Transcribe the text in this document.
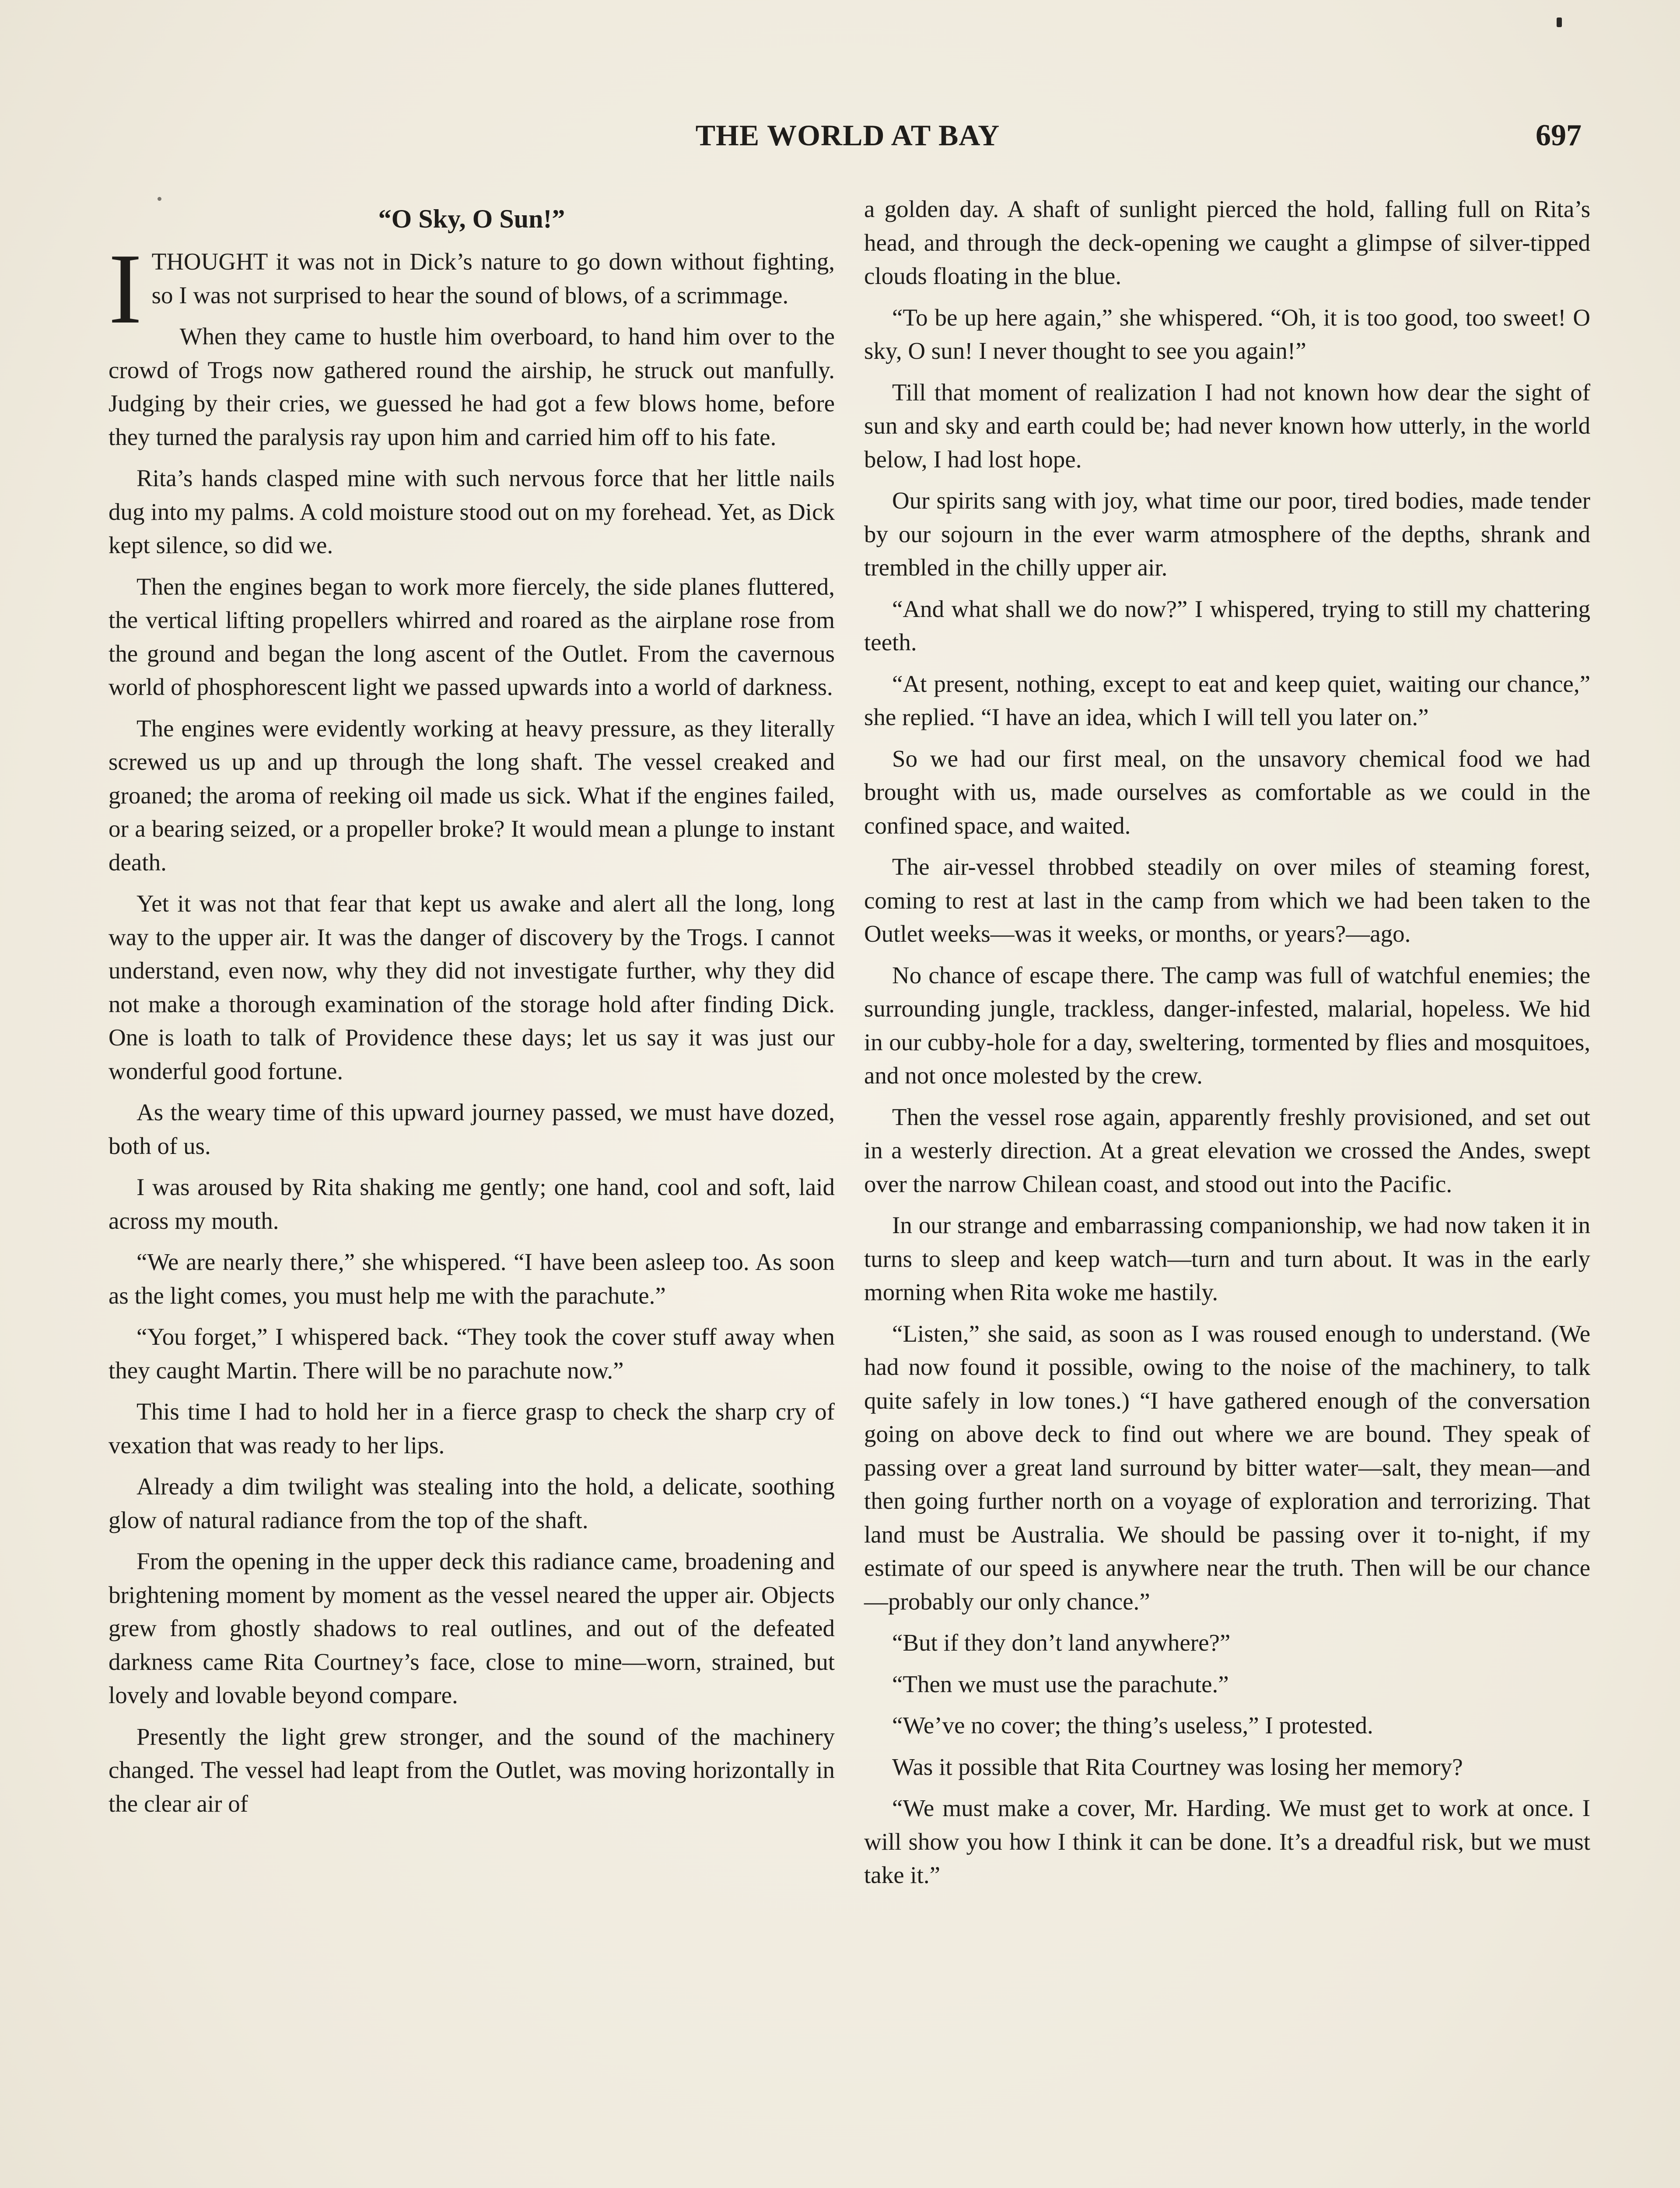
THE WORLD AT BAY	697
“O Sky, O Sun!”

ITHOUGHT it was not in Dick’s nature to go down without fighting, so I was not surprised to hear the sound of blows, of a scrimmage.

When they came to hustle him overboard, to hand him over to the crowd of Trogs now gathered round the airship, he struck out manfully. Judging by their cries, we guessed he had got a few blows home, before they turned the paralysis ray upon him and carried him off to his fate.

Rita’s hands clasped mine with such nervous force that her little nails dug into my palms. A cold moisture stood out on my forehead. Yet, as Dick kept silence, so did we.

Then the engines began to work more fiercely, the side planes fluttered, the vertical lifting propellers whirred and roared as the airplane rose from the ground and began the long ascent of the Outlet. From the cavernous world of phosphorescent light we passed upwards into a world of darkness.

The engines were evidently working at heavy pressure, as they literally screwed us up and up through the long shaft. The vessel creaked and groaned; the aroma of reeking oil made us sick. What if the engines failed, or a bearing seized, or a propeller broke? It would mean a plunge to instant death.

Yet it was not that fear that kept us awake and alert all the long, long way to the upper air. It was the danger of discovery by the Trogs. I cannot understand, even now, why they did not investigate further, why they did not make a thorough examination of the storage hold after finding Dick. One is loath to talk of Providence these days; let us say it was just our wonderful good fortune.

As the weary time of this upward journey passed, we must have dozed, both of us.

I was aroused by Rita shaking me gently; one hand, cool and soft, laid across my mouth.

“We are nearly there,” she whispered. “I have been asleep too. As soon as the light comes, you must help me with the parachute.”

“You forget,” I whispered back. “They took the cover stuff away when they caught Martin. There will be no parachute now.”

This time I had to hold her in a fierce grasp to check the sharp cry of vexation that was ready to her lips.

Already a dim twilight was stealing into the hold, a delicate, soothing glow of natural radiance from the top of the shaft.

From the opening in the upper deck this radiance came, broadening and brightening moment by moment as the vessel neared the upper air. Objects grew from ghostly shadows to real outlines, and out of the defeated darkness came Rita Courtney’s face, close to mine—worn, strained, but lovely and lovable beyond compare.

Presently the light grew stronger, and the sound of the machinery changed. The vessel had leapt from the Outlet, was moving horizontally in the clear air of

a golden day. A shaft of sunlight pierced the hold, falling full on Rita’s head, and through the deck-opening we caught a glimpse of silver-tipped clouds floating in the blue.

“To be up here again,” she whispered. “Oh, it is too good, too sweet! O sky, O sun! I never thought to see you again!”

Till that moment of realization I had not known how dear the sight of sun and sky and earth could be; had never known how utterly, in the world below, I had lost hope.

Our spirits sang with joy, what time our poor, tired bodies, made tender by our sojourn in the ever warm atmosphere of the depths, shrank and trembled in the chilly upper air.

“And what shall we do now?” I whispered, trying to still my chattering teeth.

“At present, nothing, except to eat and keep quiet, waiting our chance,” she replied. “I have an idea, which I will tell you later on.”

So we had our first meal, on the unsavory chemical food we had brought with us, made ourselves as comfortable as we could in the confined space, and waited.

The air-vessel throbbed steadily on over miles of steaming forest, coming to rest at last in the camp from which we had been taken to the Outlet weeks—was it weeks, or months, or years?—ago.

No chance of escape there. The camp was full of watchful enemies; the surrounding jungle, trackless, danger-infested, malarial, hopeless. We hid in our cubby-hole for a day, sweltering, tormented by flies and mosquitoes, and not once molested by the crew.

Then the vessel rose again, apparently freshly provisioned, and set out in a westerly direction. At a great elevation we crossed the Andes, swept over the narrow Chilean coast, and stood out into the Pacific.

In our strange and embarrassing companionship, we had now taken it in turns to sleep and keep watch—turn and turn about. It was in the early morning when Rita woke me hastily.

“Listen,” she said, as soon as I was roused enough to understand. (We had now found it possible, owing to the noise of the machinery, to talk quite safely in low tones.) “I have gathered enough of the conversation going on above deck to find out where we are bound. They speak of passing over a great land surround by bitter water—salt, they mean—and then going further north on a voyage of exploration and terrorizing. That land must be Australia. We should be passing over it to-night, if my estimate of our speed is anywhere near the truth. Then will be our chance—probably our only chance.”

“But if they don’t land anywhere?”

“Then we must use the parachute.”

“We’ve no cover; the thing’s useless,” I protested.

Was it possible that Rita Courtney was losing her memory?

“We must make a cover, Mr. Harding. We must get to work at once. I will show you how I think it can be done. It’s a dreadful risk, but we must take it.”
